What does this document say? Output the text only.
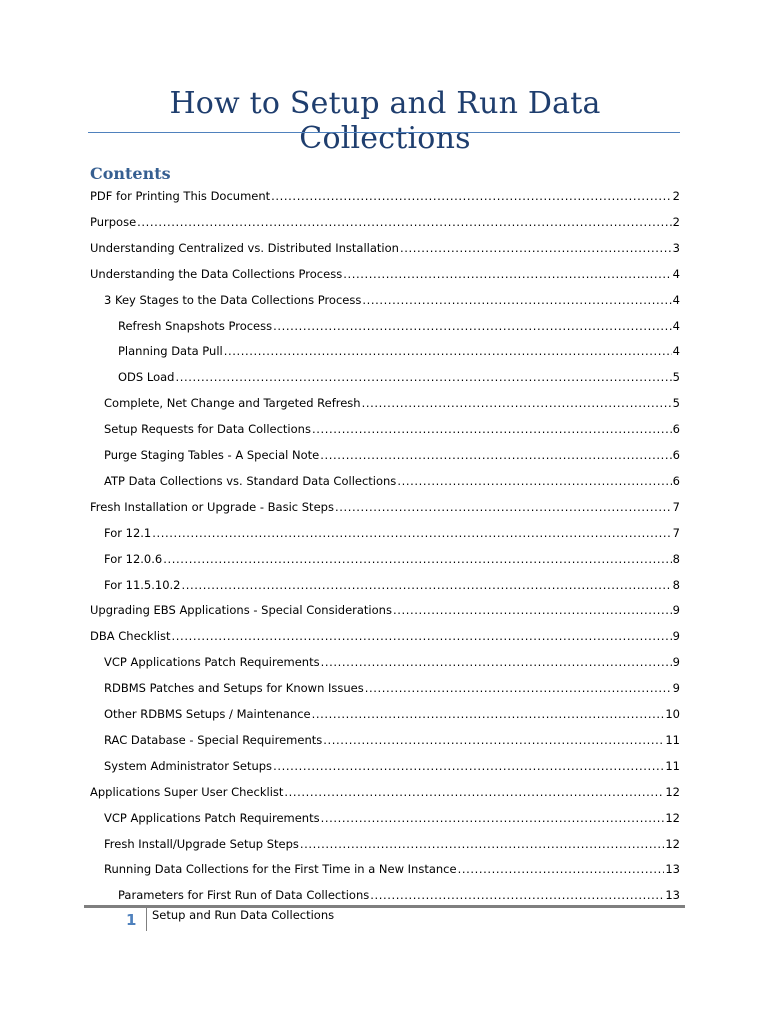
How to Setup and Run Data Collections
Contents
PDF for Printing This Document .....	2
Purpose .....	2
Understanding Centralized vs. Distributed Installation .....	3
Understanding the Data Collections Process .....	4
3 Key Stages to the Data Collections Process .....	4
Refresh Snapshots Process .....	4
Planning Data Pull .....	4
ODS Load .....	5
Complete, Net Change and Targeted Refresh .....	5
Setup Requests for Data Collections .....	6
Purge Staging Tables - A Special Note .....	6
ATP Data Collections vs. Standard Data Collections .....	6
Fresh Installation or Upgrade - Basic Steps .....	7
For 12.1 .....	7
For 12.0.6 .....	8
For 11.5.10.2 .....	8
Upgrading EBS Applications - Special Considerations .....	9
DBA Checklist .....	9
VCP Applications Patch Requirements .....	9
RDBMS Patches and Setups for Known Issues .....	9
Other RDBMS Setups / Maintenance .....	10
RAC Database - Special Requirements .....	11
System Administrator Setups .....	11
Applications Super User Checklist .....	12
VCP Applications Patch Requirements .....	12
Fresh Install/Upgrade Setup Steps .....	12
Running Data Collections for the First Time in a New Instance .....	13
Parameters for First Run of Data Collections .....	13
1 Setup and Run Data Collections
